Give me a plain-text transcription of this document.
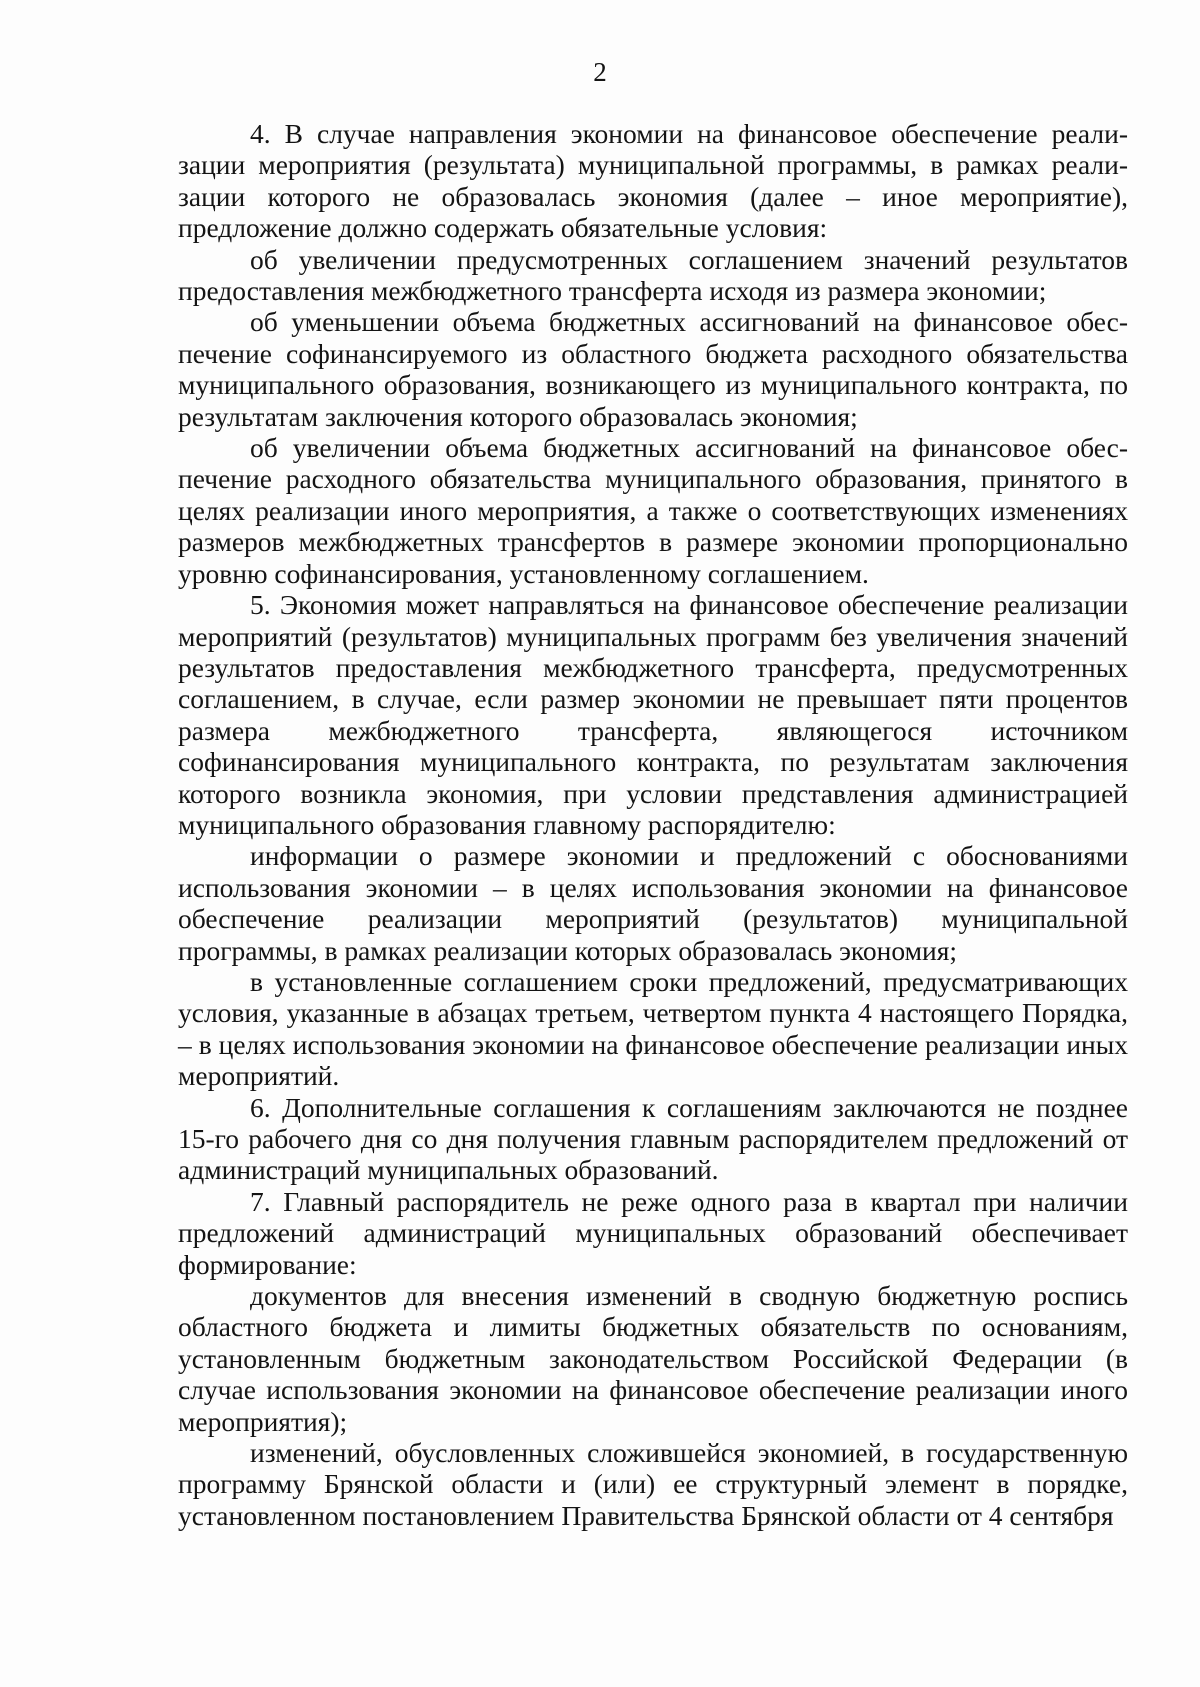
2

4. В случае направления экономии на финансовое обеспечение реализации мероприятия (результата) муниципальной программы, в рамках реализации которого не образовалась экономия (далее – иное мероприятие), предложение должно содержать обязательные условия:

об увеличении предусмотренных соглашением значений результатов предоставления межбюджетного трансферта исходя из размера экономии;

об уменьшении объема бюджетных ассигнований на финансовое обеспечение софинансируемого из областного бюджета расходного обязательства муниципального образования, возникающего из муниципального контракта, по результатам заключения которого образовалась экономия;

об увеличении объема бюджетных ассигнований на финансовое обеспечение расходного обязательства муниципального образования, принятого в целях реализации иного мероприятия, а также о соответствующих изменениях размеров межбюджетных трансфертов в размере экономии пропорционально уровню софинансирования, установленному соглашением.

5. Экономия может направляться на финансовое обеспечение реализации мероприятий (результатов) муниципальных программ без увеличения значений результатов предоставления межбюджетного трансферта, предусмотренных соглашением, в случае, если размер экономии не превышает пяти процентов размера межбюджетного трансферта, являющегося источником софинансирования муниципального контракта, по результатам заключения которого возникла экономия, при условии представления администрацией муниципального образования главному распорядителю:

информации о размере экономии и предложений с обоснованиями использования экономии – в целях использования экономии на финансовое обеспечение реализации мероприятий (результатов) муниципальной программы, в рамках реализации которых образовалась экономия;

в установленные соглашением сроки предложений, предусматривающих условия, указанные в абзацах третьем, четвертом пункта 4 настоящего Порядка, – в целях использования экономии на финансовое обеспечение реализации иных мероприятий.

6. Дополнительные соглашения к соглашениям заключаются не позднее 15-го рабочего дня со дня получения главным распорядителем предложений от администраций муниципальных образований.

7. Главный распорядитель не реже одного раза в квартал при наличии предложений администраций муниципальных образований обеспечивает формирование:

документов для внесения изменений в сводную бюджетную роспись областного бюджета и лимиты бюджетных обязательств по основаниям, установленным бюджетным законодательством Российской Федерации (в случае использования экономии на финансовое обеспечение реализации иного мероприятия);

изменений, обусловленных сложившейся экономией, в государственную программу Брянской области и (или) ее структурный элемент в порядке, установленном постановлением Правительства Брянской области от 4 сентября
